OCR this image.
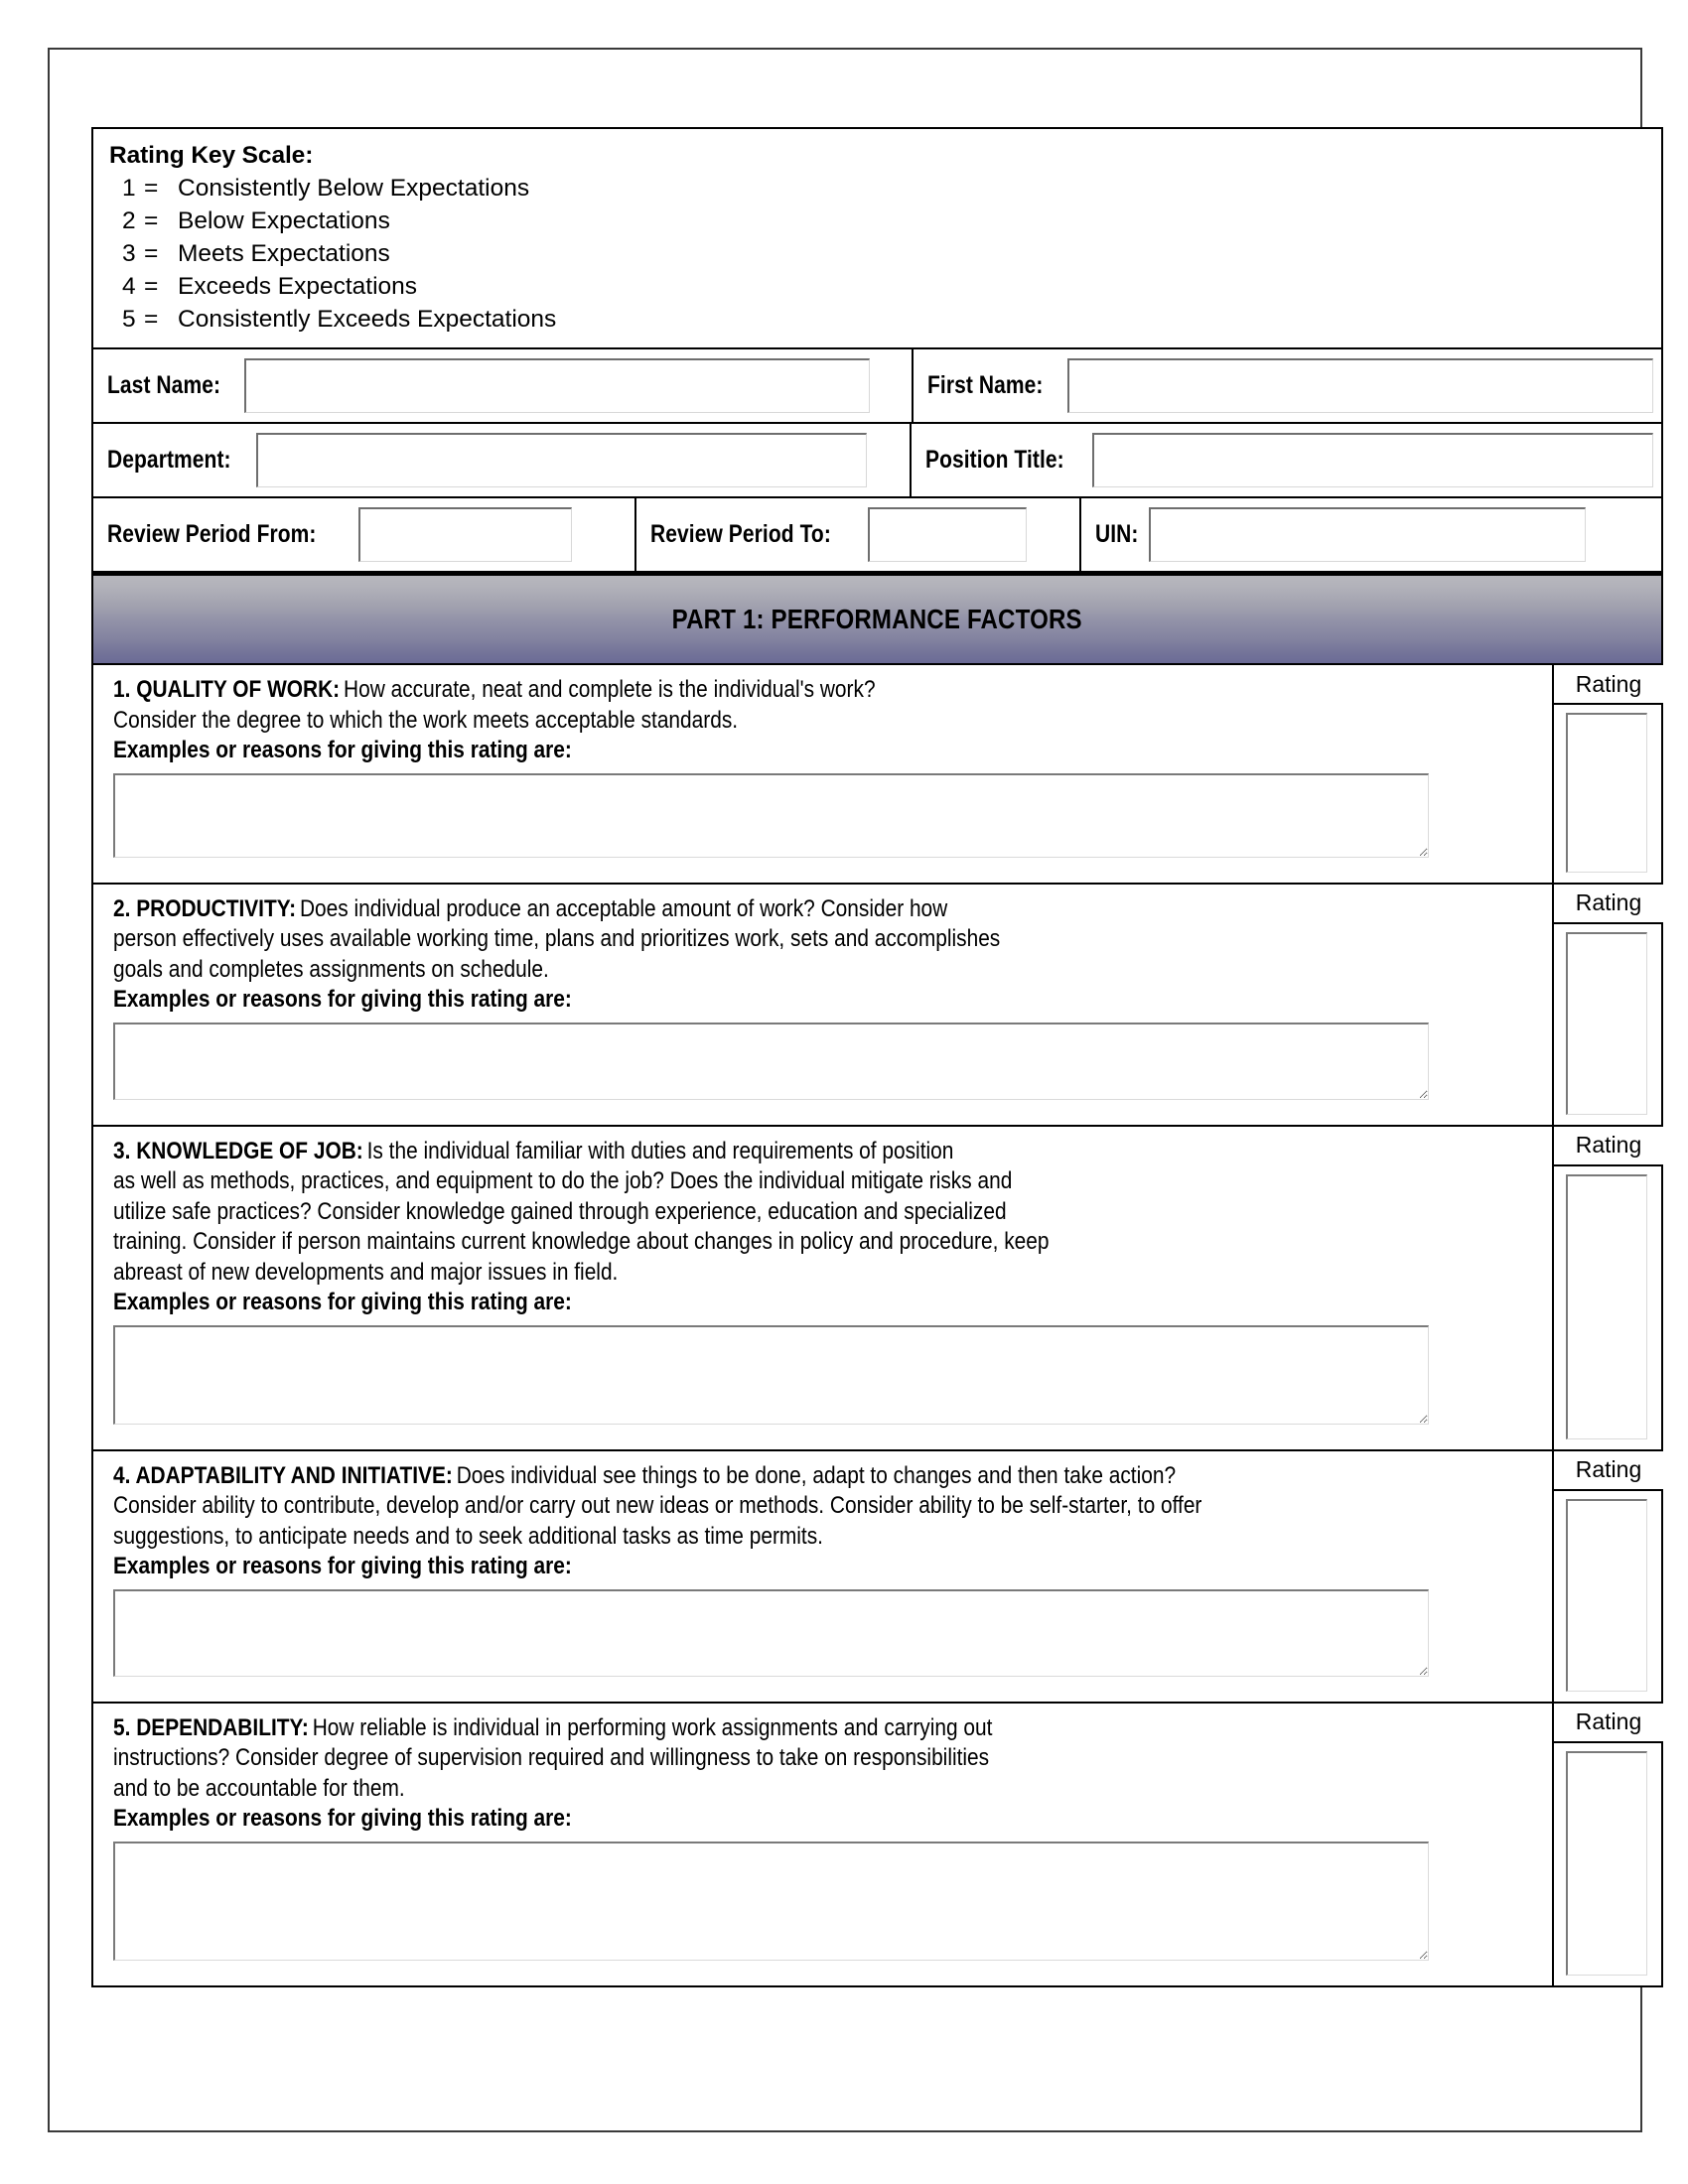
Rating Key Scale:
1 = Consistently Below Expectations
2 = Below Expectations
3 = Meets Expectations
4 = Exceeds Expectations
5 = Consistently Exceeds Expectations
Last Name:	First Name:
Department:	Position Title:
Review Period From:	Review Period To:	UIN:
PART 1: PERFORMANCE FACTORS
1. QUALITY OF WORK: How accurate, neat and complete is the individual's work?
Consider the degree to which the work meets acceptable standards.
Examples or reasons for giving this rating are:
Rating
2. PRODUCTIVITY: Does individual produce an acceptable amount of work? Consider how
person effectively uses available working time, plans and prioritizes work, sets and accomplishes
goals and completes assignments on schedule.
Examples or reasons for giving this rating are:
Rating
3. KNOWLEDGE OF JOB: Is the individual familiar with duties and requirements of position
as well as methods, practices, and equipment to do the job? Does the individual mitigate risks and
utilize safe practices? Consider knowledge gained through experience, education and specialized
training. Consider if person maintains current knowledge about changes in policy and procedure, keep
abreast of new developments and major issues in field.
Examples or reasons for giving this rating are:
Rating
4. ADAPTABILITY AND INITIATIVE: Does individual see things to be done, adapt to changes and then take action?
Consider ability to contribute, develop and/or carry out new ideas or methods. Consider ability to be self-starter, to offer
suggestions, to anticipate needs and to seek additional tasks as time permits.
Examples or reasons for giving this rating are:
Rating
5. DEPENDABILITY: How reliable is individual in performing work assignments and carrying out
instructions? Consider degree of supervision required and willingness to take on responsibilities
and to be accountable for them.
Examples or reasons for giving this rating are:
Rating
